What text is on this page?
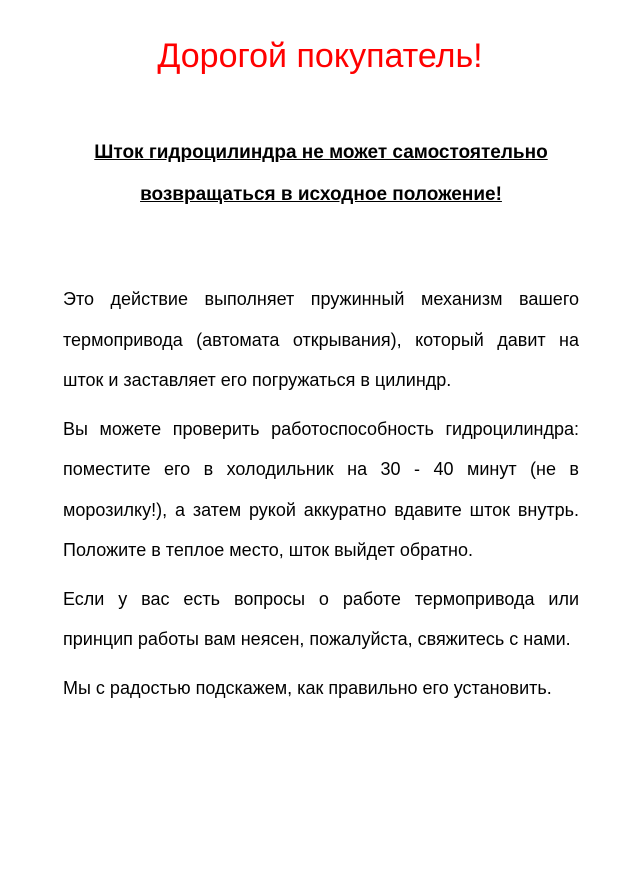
Дорогой покупатель!
Шток гидроцилиндра не может самостоятельно возвращаться в исходное положение!

Это действие выполняет пружинный механизм вашего термопривода (автомата открывания), который давит на шток и заставляет его погружаться в цилиндр.

Вы можете проверить работоспособность гидроцилиндра: поместите его в холодильник на 30 - 40 минут (не в морозилку!), а затем рукой аккуратно вдавите шток внутрь. Положите в теплое место, шток выйдет обратно.

Если у вас есть вопросы о работе термопривода или принцип работы вам неясен, пожалуйста, свяжитесь с нами.

Мы с радостью подскажем, как правильно его установить.
